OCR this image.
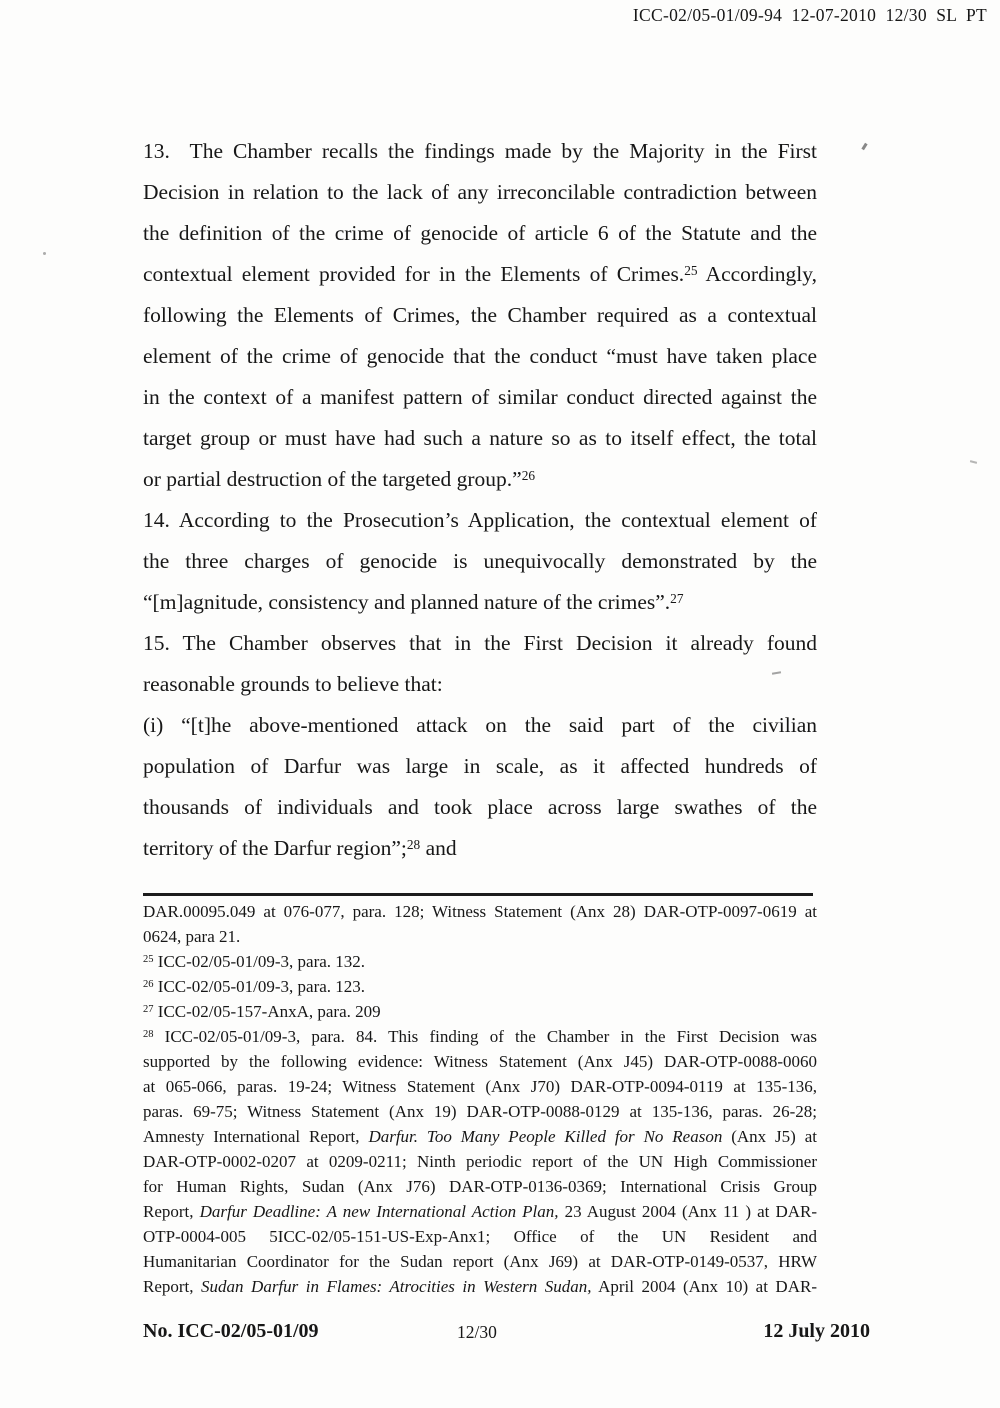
ICC-02/05-01/09-94  12-07-2010  12/30  SL  PT
13.  The Chamber recalls the findings made by the Majority in the First
Decision in relation to the lack of any irreconcilable contradiction between
the definition of the crime of genocide of article 6 of the Statute and the
contextual element provided for in the Elements of Crimes.$^{25}$ Accordingly,
following the Elements of Crimes, the Chamber required as a contextual
element of the crime of genocide that the conduct “must have taken place
in the context of a manifest pattern of similar conduct directed against the
target group or must have had such a nature so as to itself effect, the total
or partial destruction of the targeted group.”$^{26}$
14. According to the Prosecution’s Application, the contextual element of
the three charges of genocide is unequivocally demonstrated by the
“[m]agnitude, consistency and planned nature of the crimes”.$^{27}$
15. The Chamber observes that in the First Decision it already found
reasonable grounds to believe that:
(i) “[t]he above-mentioned attack on the said part of the civilian
population of Darfur was large in scale, as it affected hundreds of
thousands of individuals and took place across large swathes of the
territory of the Darfur region”;$^{28}$ and
DAR.00095.049 at 076-077, para. 128; Witness Statement (Anx 28) DAR-OTP-0097-0619 at
0624, para 21.
$^{25}$ ICC-02/05-01/09-3, para. 132.
$^{26}$ ICC-02/05-01/09-3, para. 123.
$^{27}$ ICC-02/05-157-AnxA, para. 209
$^{28}$ ICC-02/05-01/09-3, para. 84. This finding of the Chamber in the First Decision was
supported by the following evidence: Witness Statement (Anx J45) DAR-OTP-0088-0060
at 065-066, paras. 19-24; Witness Statement (Anx J70) DAR-OTP-0094-0119 at 135-136,
paras. 69-75; Witness Statement (Anx 19) DAR-OTP-0088-0129 at 135-136, paras. 26-28;
Amnesty International Report, Darfur. Too Many People Killed for No Reason (Anx J5) at
DAR-OTP-0002-0207 at 0209-0211; Ninth periodic report of the UN High Commissioner
for Human Rights, Sudan (Anx J76) DAR-OTP-0136-0369; International Crisis Group
Report, Darfur Deadline: A new International Action Plan, 23 August 2004 (Anx 11 ) at DAR-
OTP-0004-005 5ICC-02/05-151-US-Exp-Anx1; Office of the UN Resident and
Humanitarian Coordinator for the Sudan report (Anx J69) at DAR-OTP-0149-0537, HRW
Report, Sudan Darfur in Flames: Atrocities in Western Sudan, April 2004 (Anx 10) at DAR-
No. ICC-02/05-01/09	12/30	12 July 2010
